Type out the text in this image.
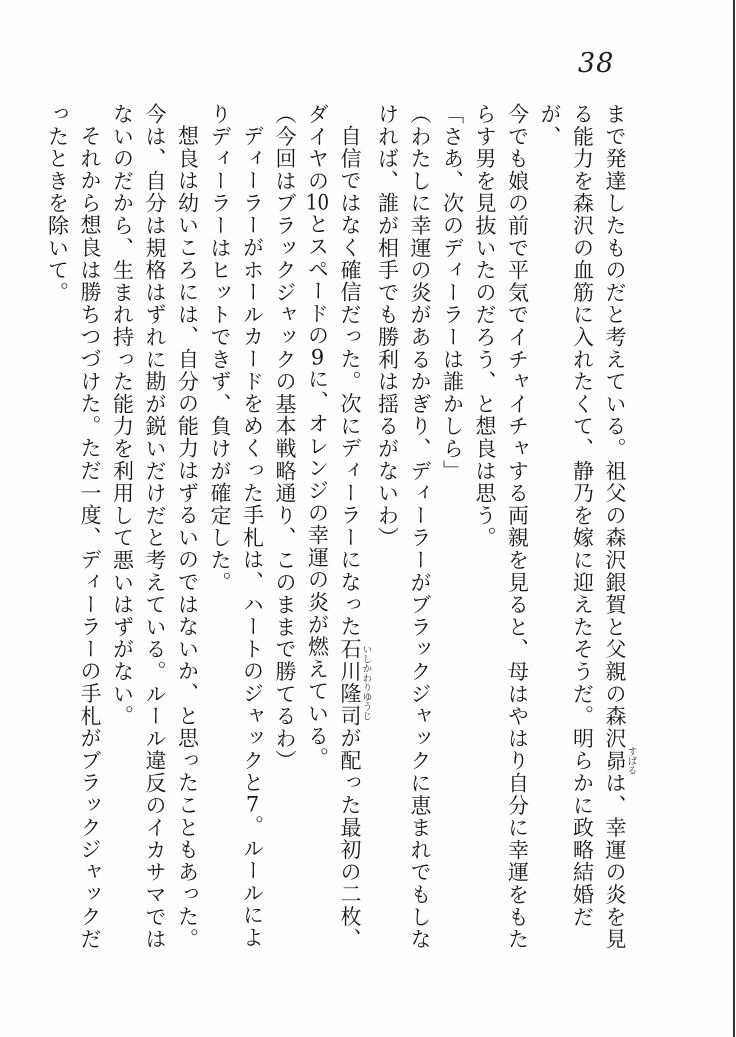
38
まで発達したものだと考えている。祖父の森沢銀賀と父親の森沢昴すばるは、幸運の炎を見
る能力を森沢の血筋に入れたくて、静乃を嫁に迎えたそうだ。明らかに政略結婚だが、
今でも娘の前で平気でイチャイチャする両親を見ると、母はやはり自分に幸運をもた
らす男を見抜いたのだろう、と想良は思う。
「さあ、次のディーラーは誰かしら」
（わたしに幸運の炎があるかぎり、ディーラーがブラックジャックに恵まれでもしな
ければ、誰が相手でも勝利は揺るがないわ）
自信ではなく確信だった。次にディーラーになった石川隆司いしかわりゆうじが配った最初の二枚、
ダイヤの10とスペードの9に、オレンジの幸運の炎が燃えている。
（今回はブラックジャックの基本戦略通り、このままで勝てるわ）
ディーラーがホールカードをめくった手札は、ハートのジャックと7。ルールによ
りディーラーはヒットできず、負けが確定した。
想良は幼いころには、自分の能力はずるいのではないか、と思ったこともあった。
今は、自分は規格はずれに勘が鋭いだけだと考えている。ルール違反のイカサマでは
ないのだから、生まれ持った能力を利用して悪いはずがない。
それから想良は勝ちつづけた。ただ一度、ディーラーの手札がブラックジャックだ
ったときを除いて。
